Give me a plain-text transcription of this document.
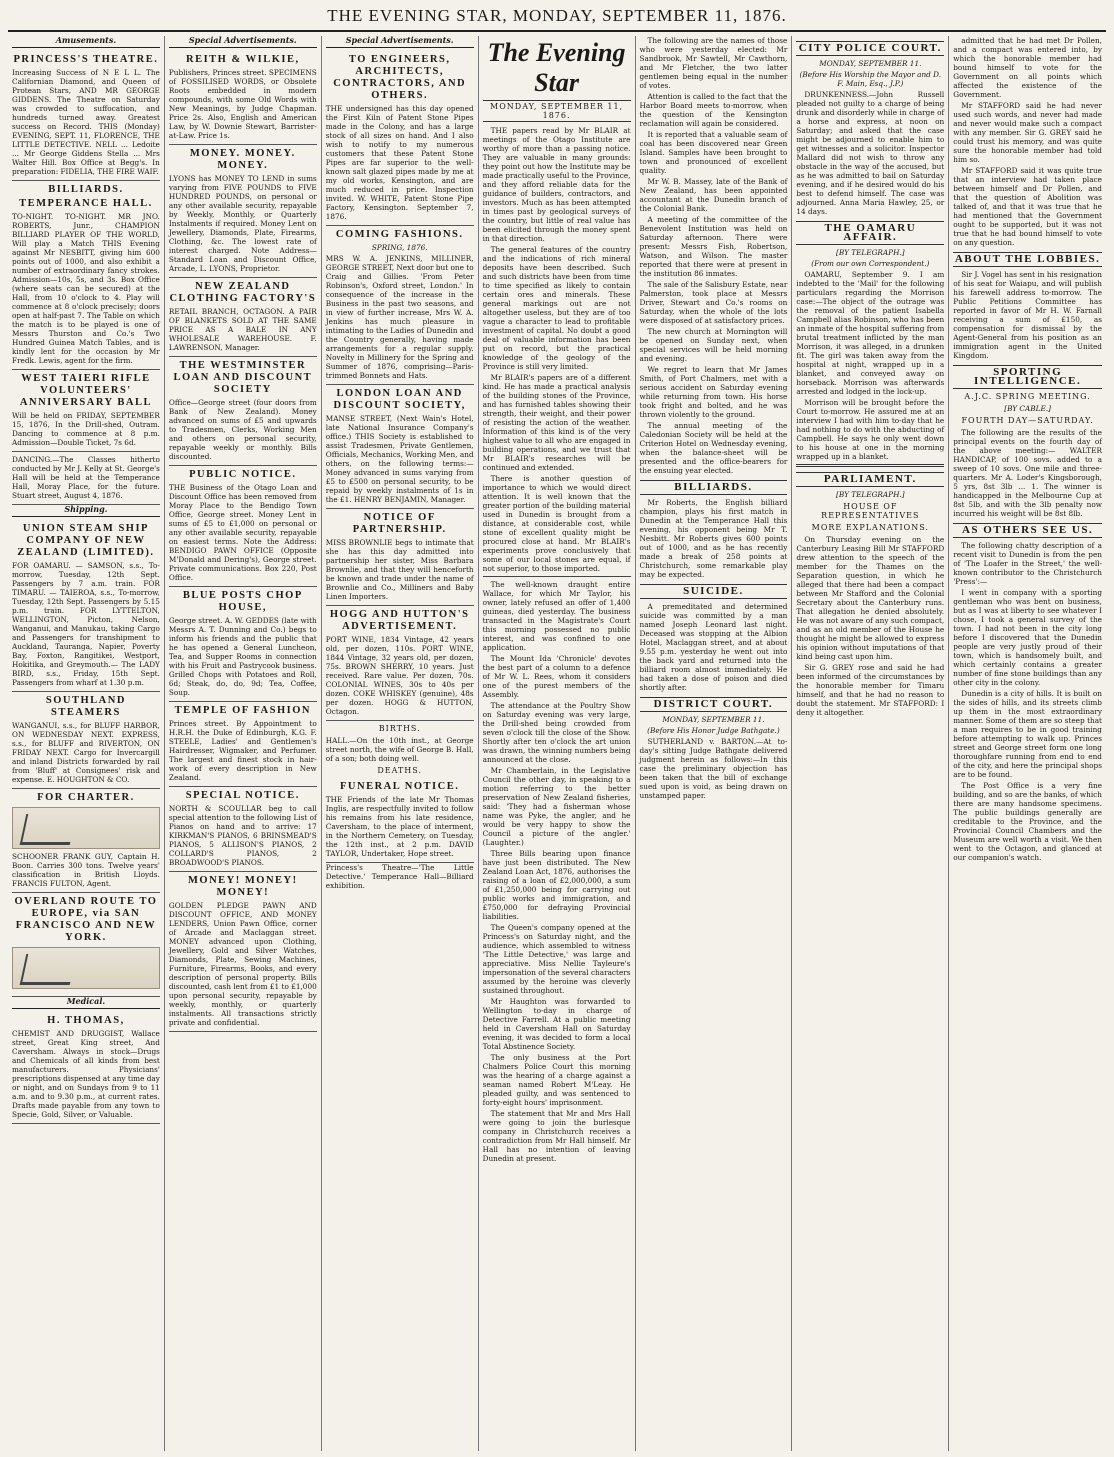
THE EVENING STAR, MONDAY, SEPTEMBER 11, 1876.
Amusements.
PRINCESS'S THEATRE.
Increasing Success of N E L L. The Californian Diamond, and Queen of Protean Stars, AND MR GEORGE GIDDENS. The Theatre on Saturday was crowded to suffocation, and hundreds turned away. Greatest success on Record. THIS (Monday) EVENING, SEPT. 11, FLORENCE, THE LITTLE DETECTIVE. NELL ... Ledoite ... Mr George Giddens Stella ... Mrs Walter Hill. Box Office at Begg's. In preparation: FIDELIA, THE FIRE WAIF.
BILLIARDS.
TEMPERANCE HALL.
TO-NIGHT. TO-NIGHT. MR JNO. ROBERTS, Junr., CHAMPION BILLIARD PLAYER OF THE WORLD, Will play a Match THIS Evening against Mr NESBITT, giving him 600 points out of 1000, and also exhibit a number of extraordinary fancy strokes. Admission—10s, 5s, and 3s. Box Office (where seats can be secured) at the Hall, from 10 o'clock to 4. Play will commence at 8 o'clock precisely; doors open at half-past 7. The Table on which the match is to be played is one of Messrs Thurston and Co.'s Two Hundred Guinea Match Tables, and is kindly lent for the occasion by Mr Fredk. Lewis, agent for the firm.
WEST TAIERI RIFLE VOLUNTEERS' ANNIVERSARY BALL
Will be held on FRIDAY, SEPTEMBER 15, 1876, In the Drill-shed, Outram. Dancing to commence at 8 p.m. Admission—Double Ticket, 7s 6d.
DANCING.—The Classes hitherto conducted by Mr J. Kelly at St. George's Hall will be held at the Temperance Hall, Moray Place, for the future. Stuart street, August 4, 1876.
Shipping.
UNION STEAM SHIP COMPANY OF NEW ZEALAND (LIMITED).
FOR OAMARU. — SAMSON, s.s., To-morrow, Tuesday, 12th Sept. Passengers by 7 a.m. train. FOR TIMARU. — TAIEROA, s.s., To-morrow, Tuesday, 12th Sept. Passengers by 5.15 p.m. train. FOR LYTTELTON, WELLINGTON, Picton, Nelson, Wanganui, and Manukau, taking Cargo and Passengers for transhipment to Auckland, Tauranga, Napier, Poverty Bay, Foxton, Rangitikei, Westport, Hokitika, and Greymouth.— The LADY BIRD, s.s., Friday, 15th Sept. Passengers from wharf at 1.30 p.m.
SOUTHLAND STEAMERS
WANGANUI, s.s., for BLUFF HARBOR, ON WEDNESDAY NEXT. EXPRESS, s.s., for BLUFF and RIVERTON, ON FRIDAY NEXT. Cargo for Invercargill and inland Districts forwarded by rail from 'Bluff' at Consignees' risk and expense. E. HOUGHTON & CO.
FOR CHARTER.
SCHOONER FRANK GUY, Captain H. Boon. Carries 300 tons. Twelve years' classification in British Lloyds. FRANCIS FULTON, Agent.
OVERLAND ROUTE TO EUROPE, via SAN FRANCISCO AND NEW YORK.
Medical.
H. THOMAS,
CHEMIST AND DRUGGIST, Wallace street, Great King street, And Caversham. Always in stock—Drugs and Chemicals of all kinds from best manufacturers. Physicians' prescriptions dispensed at any time day or night, and on Sundays from 9 to 11 a.m. and to 9.30 p.m., at current rates. Drafts made payable from any town to Specie, Gold, Silver, or Valuable.
Special Advertisements.
REITH & WILKIE,
Publishers, Princes street. SPECIMENS of FOSSILISED WORDS, or Obsolete Roots embedded in modern compounds, with some Old Words with New Meanings, by Judge Chapman. Price 2s. Also, English and American Law, by W. Downie Stewart, Barrister-at-Law. Price 1s.
MONEY. MONEY. MONEY.
LYONS has MONEY TO LEND in sums varying from FIVE POUNDS to FIVE HUNDRED POUNDS, on personal or any other available security, repayable by Weekly, Monthly, or Quarterly Instalments if required. Money Lent on Jewellery, Diamonds, Plate, Firearms, Clothing, &c. The lowest rate of interest charged. Note Address—Standard Loan and Discount Office, Arcade, L. LYONS, Proprietor.
NEW ZEALAND CLOTHING FACTORY'S
RETAIL BRANCH, OCTAGON. A PAIR OF BLANKETS SOLD AT THE SAME PRICE AS A BALE IN ANY WHOLESALE WAREHOUSE. F. LAWRENSON, Manager.
THE WESTMINSTER LOAN AND DISCOUNT SOCIETY
Office—George street (four doors from Bank of New Zealand). Money advanced on sums of £5 and upwards to Tradesmen, Clerks, Working Men and others on personal security, repayable weekly or monthly. Bills discounted.
PUBLIC NOTICE.
THE Business of the Otago Loan and Discount Office has been removed from Moray Place to the Bendigo Town Office, George street. Money Lent in sums of £5 to £1,000 on personal or any other available security, repayable on easiest terms. Note the Address: BENDIGO PAWN OFFICE (Opposite M'Donald and Dering's), George street. Private communications. Box 220, Post Office.
BLUE POSTS CHOP HOUSE,
George street. A. W. GEDDES (late with Messrs A. T. Dunning and Co.) begs to inform his friends and the public that he has opened a General Luncheon, Tea, and Supper Rooms in connection with his Fruit and Pastrycook business. Grilled Chops with Potatoes and Roll, 6d; Steak, do, do, 9d; Tea, Coffee, Soup.
TEMPLE OF FASHION
Princes street. By Appointment to H.R.H. the Duke of Edinburgh, K.G. F. STEELE, Ladies' and Gentlemen's Hairdresser, Wigmaker, and Perfumer. The largest and finest stock in hair-work of every description in New Zealand.
SPECIAL NOTICE.
NORTH & SCOULLAR beg to call special attention to the following List of Pianos on hand and to arrive: 17 KIRKMAN'S PIANOS, 6 BRINSMEAD'S PIANOS, 5 ALLISON'S PIANOS, 2 COLLARD'S PIANOS, 2 BROADWOOD'S PIANOS.
MONEY! MONEY! MONEY!
GOLDEN PLEDGE PAWN AND DISCOUNT OFFICE, AND MONEY LENDERS, Union Pawn Office, corner of Arcade and Maclaggan street. MONEY advanced upon Clothing, Jewellery, Gold and Silver Watches, Diamonds, Plate, Sewing Machines, Furniture, Firearms, Books, and every description of personal property. Bills discounted, cash lent from £1 to £1,000 upon personal security, repayable by weekly, monthly, or quarterly instalments. All transactions strictly private and confidential.
Special Advertisements.
TO ENGINEERS, ARCHITECTS, CONTRACTORS, AND OTHERS.
THE undersigned has this day opened the First Kiln of Patent Stone Pipes made in the Colony, and has a large stock of all sizes on hand. And I also wish to notify to my numerous customers that these Patent Stone Pipes are far superior to the well-known salt glazed pipes made by me at my old works, Kensington, and are much reduced in price. Inspection invited. W. WHITE, Patent Stone Pipe Factory, Kensington. September 7, 1876.
COMING FASHIONS.
SPRING, 1876.
MRS W. A. JENKINS, MILLINER, GEORGE STREET, Next door but one to Craig and Gillies. 'From Peter Robinson's, Oxford street, London.' In consequence of the increase in the Business in the past two seasons, and in view of further increase, Mrs W. A. Jenkins has much pleasure in intimating to the Ladies of Dunedin and the Country generally, having made arrangements for a regular supply. Novelty in Millinery for the Spring and Summer of 1876, comprising—Paris-trimmed Bonnets and Hats.
LONDON LOAN AND DISCOUNT SOCIETY,
MANSE STREET, (Next Wain's Hotel, late National Insurance Company's office.) THIS Society is established to assist Tradesmen, Private Gentlemen, Officials, Mechanics, Working Men, and others, on the following terms:— Money advanced in sums varying from £5 to £500 on personal security, to be repaid by weekly instalments of 1s in the £1. HENRY BENJAMIN, Manager.
NOTICE OF PARTNERSHIP.
MISS BROWNLIE begs to intimate that she has this day admitted into partnership her sister, Miss Barbara Brownlie, and that they will henceforth be known and trade under the name of Brownlie and Co., Milliners and Baby Linen Importers.
HOGG AND HUTTON'S ADVERTISEMENT.
PORT WINE, 1834 Vintage, 42 years old, per dozen, 110s. PORT WINE, 1844 Vintage, 32 years old, per dozen, 75s. BROWN SHERRY, 10 years. Just received. Rare value. Per dozen, 70s. COLONIAL WINES, 30s to 40s per dozen. COKE WHISKEY (genuine), 48s per dozen. HOGG & HUTTON, Octagon.
BIRTHS.
HALL.—On the 10th inst., at George street north, the wife of George B. Hall, of a son; both doing well.
DEATHS.
FUNERAL NOTICE.
THE Friends of the late Mr Thomas Inglis, are respectfully invited to follow his remains from his late residence, Caversham, to the place of interment, in the Northern Cemetery, on Tuesday, the 12th inst., at 2 p.m. DAVID TAYLOR, Undertaker, Hope street.
Princess's Theatre—'The Little Detective.' Temperance Hall—Billiard exhibition.
The Evening Star
MONDAY, SEPTEMBER 11, 1876.

THE papers read by Mr BLAIR at meetings of the Otago Institute are worthy of more than a passing notice. They are valuable in many grounds: they point out how the Institute may be made practically useful to the Province, and they afford reliable data for the guidance of builders, contractors, and investors. Much as has been attempted in times past by geological surveys of the country, but little of real value has been elicited through the money spent in that direction.

The general features of the country and the indications of rich mineral deposits have been described. Such and such districts have been from time to time specified as likely to contain certain ores and minerals. These general markings out are not altogether useless, but they are of too vague a character to lead to profitable investment of capital. No doubt a good deal of valuable information has been put on record, but the practical knowledge of the geology of the Province is still very limited.

Mr BLAIR's papers are of a different kind. He has made a practical analysis of the building stones of the Province, and has furnished tables showing their strength, their weight, and their power of resisting the action of the weather. Information of this kind is of the very highest value to all who are engaged in building operations, and we trust that Mr BLAIR's researches will be continued and extended.

There is another question of importance to which we would direct attention. It is well known that the greater portion of the building material used in Dunedin is brought from a distance, at considerable cost, while stone of excellent quality might be procured close at hand. Mr BLAIR's experiments prove conclusively that some of our local stones are equal, if not superior, to those imported.

The well-known draught entire Wallace, for which Mr Taylor, his owner, lately refused an offer of 1,400 guineas, died yesterday. The business transacted in the Magistrate's Court this morning possessed no public interest, and was confined to one application.

The Mount Ida 'Chronicle' devotes the best part of a column to a defence of Mr W. L. Rees, whom it considers one of the purest members of the Assembly.

The attendance at the Poultry Show on Saturday evening was very large, the Drill-shed being crowded from seven o'clock till the close of the Show. Shortly after ten o'clock the art union was drawn, the winning numbers being announced at the close.

Mr Chamberlain, in the Legislative Council the other day, in speaking to a motion referring to the better preservation of New Zealand fisheries, said: 'They had a fisherman whose name was Pyke, the angler, and he would be very happy to show the Council a picture of the angler.' (Laughter.)

Three Bills bearing upon finance have just been distributed. The New Zealand Loan Act, 1876, authorises the raising of a loan of £2,000,000, a sum of £1,250,000 being for carrying out public works and immigration, and £750,000 for defraying Provincial liabilities.

The Queen's company opened at the Princess's on Saturday night, and the audience, which assembled to witness 'The Little Detective,' was large and appreciative. Miss Nellie Tayleure's impersonation of the several characters assumed by the heroine was cleverly sustained throughout.

Mr Haughton was forwarded to Wellington to-day in charge of Detective Farrell. At a public meeting held in Caversham Hall on Saturday evening, it was decided to form a local Total Abstinence Society.

The only business at the Port Chalmers Police Court this morning was the hearing of a charge against a seaman named Robert M'Leay. He pleaded guilty, and was sentenced to forty-eight hours' imprisonment.

The statement that Mr and Mrs Hall were going to join the burlesque company in Christchurch receives a contradiction from Mr Hall himself. Mr Hall has no intention of leaving Dunedin at present.

The following are the names of those who were yesterday elected: Mr Sandbrook, Mr Sawtell, Mr Cawthorn, and Mr Fletcher, the two latter gentlemen being equal in the number of votes.

Attention is called to the fact that the Harbor Board meets to-morrow, when the question of the Kensington reclamation will again be considered.

It is reported that a valuable seam of coal has been discovered near Green Island. Samples have been brought to town and pronounced of excellent quality.

Mr W. B. Massey, late of the Bank of New Zealand, has been appointed accountant at the Dunedin branch of the Colonial Bank.

A meeting of the committee of the Benevolent Institution was held on Saturday afternoon. There were present: Messrs Fish, Robertson, Watson, and Wilson. The master reported that there were at present in the institution 86 inmates.

The sale of the Salisbury Estate, near Palmerston, took place at Messrs Driver, Stewart and Co.'s rooms on Saturday, when the whole of the lots were disposed of at satisfactory prices.

The new church at Mornington will be opened on Sunday next, when special services will be held morning and evening.

We regret to learn that Mr James Smith, of Port Chalmers, met with a serious accident on Saturday evening while returning from town. His horse took fright and bolted, and he was thrown violently to the ground.

The annual meeting of the Caledonian Society will be held at the Criterion Hotel on Wednesday evening, when the balance-sheet will be presented and the office-bearers for the ensuing year elected.

BILLIARDS.

Mr Roberts, the English billiard champion, plays his first match in Dunedin at the Temperance Hall this evening, his opponent being Mr T. Nesbitt. Mr Roberts gives 600 points out of 1000, and as he has recently made a break of 258 points at Christchurch, some remarkable play may be expected.

SUICIDE.

A premeditated and determined suicide was committed by a man named Joseph Leonard last night. Deceased was stopping at the Albion Hotel, Maclaggan street, and at about 9.55 p.m. yesterday he went out into the back yard and returned into the billiard room almost immediately. He had taken a dose of poison and died shortly after.

DISTRICT COURT.
MONDAY, SEPTEMBER 11.
(Before His Honor Judge Bathgate.)

SUTHERLAND v. BARTON.—At to-day's sitting Judge Bathgate delivered judgment herein as follows:—In this case the preliminary objection has been taken that the bill of exchange sued upon is void, as being drawn on unstamped paper.

CITY POLICE COURT.
MONDAY, SEPTEMBER 11.
(Before His Worship the Mayor and D. F. Main, Esq., J.P.)

DRUNKENNESS.—John Russell pleaded not guilty to a charge of being drunk and disorderly while in charge of a horse and express, at noon on Saturday; and asked that the case might be adjourned to enable him to get witnesses and a solicitor. Inspector Mallard did not wish to throw any obstacle in the way of the accused, but as he was admitted to bail on Saturday evening, and if he desired would do his best to defend himself. The case was adjourned. Anna Maria Hawley, 25, or 14 days.

THE OAMARU AFFAIR.
[BY TELEGRAPH.]
(From our own Correspondent.)

OAMARU, September 9. I am indebted to the 'Mail' for the following particulars regarding the Morrison case:—The object of the outrage was the removal of the patient Isabella Campbell alias Robinson, who has been an inmate of the hospital suffering from brutal treatment inflicted by the man Morrison, it was alleged, in a drunken fit. The girl was taken away from the hospital at night, wrapped up in a blanket, and conveyed away on horseback. Morrison was afterwards arrested and lodged in the lock-up.

Morrison will be brought before the Court to-morrow. He assured me at an interview I had with him to-day that he had nothing to do with the abducting of Campbell. He says he only went down to his house at one in the morning wrapped up in a blanket.

PARLIAMENT.
[BY TELEGRAPH.]
HOUSE OF REPRESENTATIVES
MORE EXPLANATIONS.

On Thursday evening on the Canterbury Leasing Bill Mr STAFFORD drew attention to the speech of the member for the Thames on the Separation question, in which he alleged that there had been a compact between Mr Stafford and the Colonial Secretary about the Canterbury runs. That allegation he denied absolutely. He was not aware of any such compact, and as an old member of the House he thought he might be allowed to express his opinion without imputations of that kind being cast upon him.

Sir G. GREY rose and said he had been informed of the circumstances by the honorable member for Timaru himself, and that he had no reason to doubt the statement. Mr STAFFORD: I deny it altogether.

admitted that he had met Dr Pollen, and a compact was entered into, by which the honorable member had bound himself to vote for the Government on all points which affected the existence of the Government.

Mr STAFFORD said he had never used such words, and never had made and never would make such a compact with any member. Sir G. GREY said he could trust his memory, and was quite sure the honorable member had told him so.

Mr STAFFORD said it was quite true that an interview had taken place between himself and Dr Pollen, and that the question of Abolition was talked of, and that it was true that he had mentioned that the Government ought to be supported, but it was not true that he had bound himself to vote on any question.

ABOUT THE LOBBIES.

Sir J. Vogel has sent in his resignation of his seat for Waiapu, and will publish his farewell address to-morrow. The Public Petitions Committee has reported in favor of Mr H. W. Farnall receiving a sum of £150, as compensation for dismissal by the Agent-General from his position as an immigration agent in the United Kingdom.

SPORTING INTELLIGENCE.
A.J.C. SPRING MEETING.
[BY CABLE.]
FOURTH DAY—SATURDAY.

The following are the results of the principal events on the fourth day of the above meeting:— WALTER HANDICAP, of 100 sovs. added to a sweep of 10 sovs. One mile and three-quarters. Mr A. Loder's Kingsborough, 5 yrs, 8st 3lb ... 1. The winner is handicapped in the Melbourne Cup at 8st 5lb, and with the 3lb penalty now incurred his weight will be 8st 8lb.

AS OTHERS SEE US.

The following chatty description of a recent visit to Dunedin is from the pen of 'The Loafer in the Street,' the well-known contributor to the Christchurch 'Press':—

I went in company with a sporting gentleman who was bent on business, but as I was at liberty to see whatever I chose, I took a general survey of the town. I had not been in the city long before I discovered that the Dunedin people are very justly proud of their town, which is handsomely built, and which certainly contains a greater number of fine stone buildings than any other city in the colony.

Dunedin is a city of hills. It is built on the sides of hills, and its streets climb up them in the most extraordinary manner. Some of them are so steep that a man requires to be in good training before attempting to walk up. Princes street and George street form one long thoroughfare running from end to end of the city, and here the principal shops are to be found.

The Post Office is a very fine building, and so are the banks, of which there are many handsome specimens. The public buildings generally are creditable to the Province, and the Provincial Council Chambers and the Museum are well worth a visit. We then went to the Octagon, and glanced at our companion's watch.
